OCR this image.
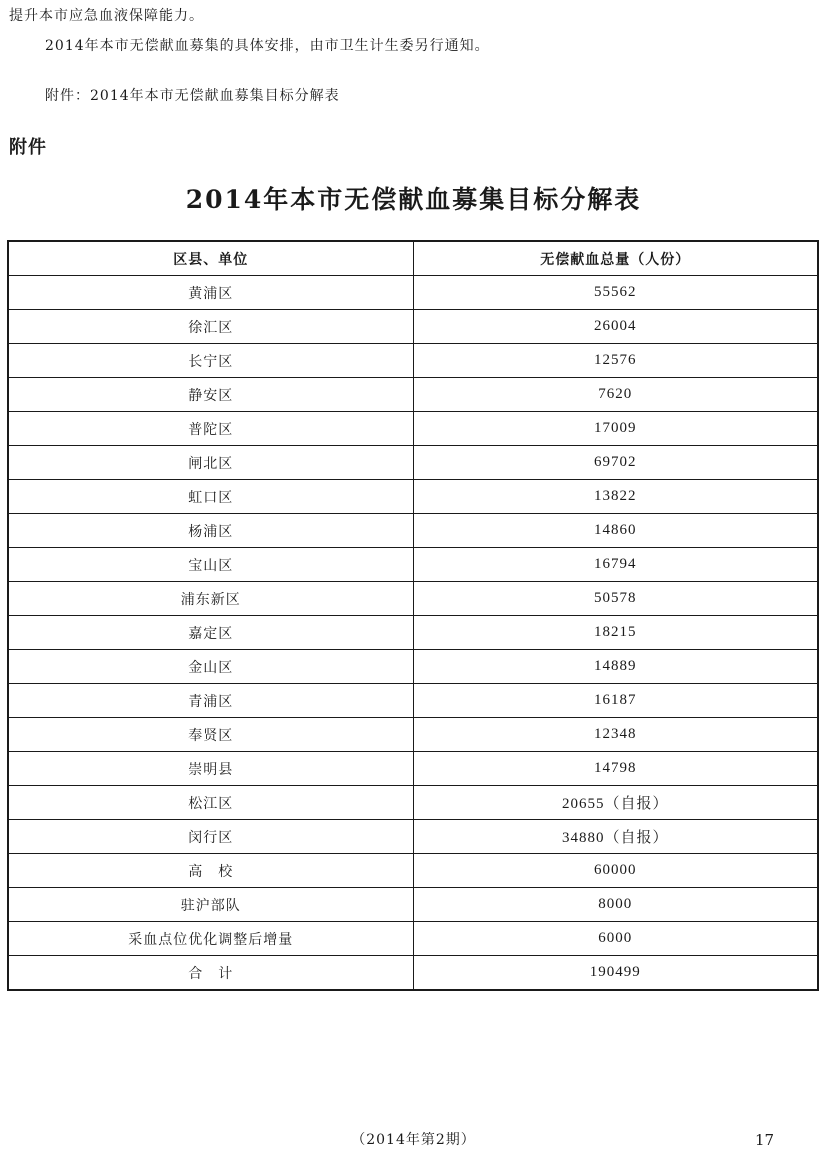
提升本市应急血液保障能力。
2014年本市无偿献血募集的具体安排，由市卫生计生委另行通知。
附件：2014年本市无偿献血募集目标分解表
附件
2014年本市无偿献血募集目标分解表
区县、单位	无偿献血总量（人份）
黄浦区	55562
徐汇区	26004
长宁区	12576
静安区	7620
普陀区	17009
闸北区	69702
虹口区	13822
杨浦区	14860
宝山区	16794
浦东新区	50578
嘉定区	18215
金山区	14889
青浦区	16187
奉贤区	12348
崇明县	14798
松江区	20655（自报）
闵行区	34880（自报）
高　校	60000
驻沪部队	8000
采血点位优化调整后增量	6000
合　计	190499
（2014年第2期）	17
